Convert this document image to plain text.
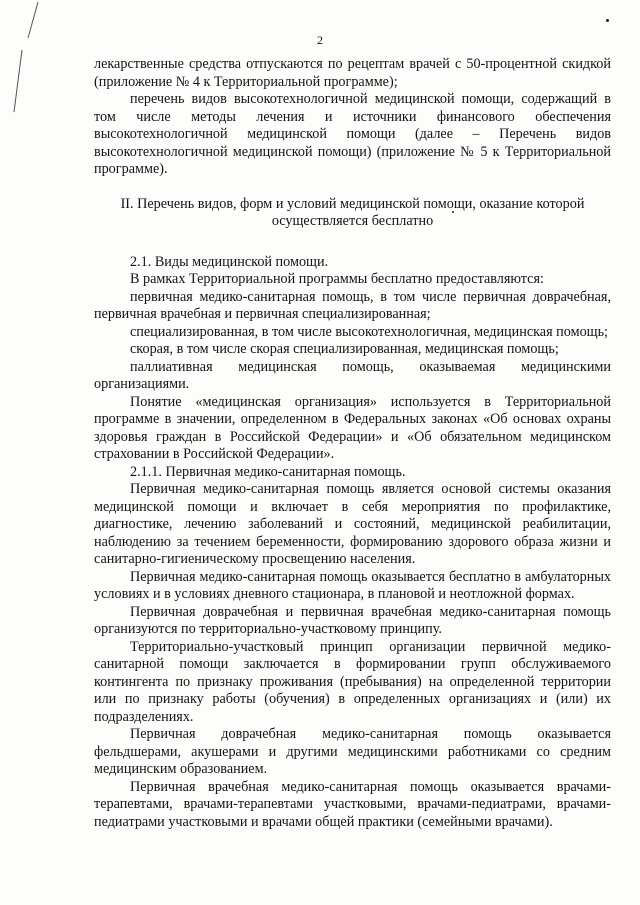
2

лекарственные средства отпускаются по рецептам врачей с 50-процентной скидкой (приложение № 4 к Территориальной программе);

перечень видов высокотехнологичной медицинской помощи, содержащий в том числе методы лечения и источники финансового обеспечения высокотехнологичной медицинской помощи (далее – Перечень видов высокотехнологичной медицинской помощи) (приложение № 5 к Территориальной программе).

II. Перечень видов, форм и условий медицинской помощи, оказание которой осуществляется бесплатно

2.1. Виды медицинской помощи.

В рамках Территориальной программы бесплатно предоставляются:

первичная медико-санитарная помощь, в том числе первичная доврачебная, первичная врачебная и первичная специализированная;

специализированная, в том числе высокотехнологичная, медицинская помощь;

скорая, в том числе скорая специализированная, медицинская помощь;

паллиативная медицинская помощь, оказываемая медицинскими организациями.

Понятие «медицинская организация» используется в Территориальной программе в значении, определенном в Федеральных законах «Об основах охраны здоровья граждан в Российской Федерации» и «Об обязательном медицинском страховании в Российской Федерации».

2.1.1. Первичная медико-санитарная помощь.

Первичная медико-санитарная помощь является основой системы оказания медицинской помощи и включает в себя мероприятия по профилактике, диагностике, лечению заболеваний и состояний, медицинской реабилитации, наблюдению за течением беременности, формированию здорового образа жизни и санитарно-гигиеническому просвещению населения.

Первичная медико-санитарная помощь оказывается бесплатно в амбулаторных условиях и в условиях дневного стационара, в плановой и неотложной формах.

Первичная доврачебная и первичная врачебная медико-санитарная помощь организуются по территориально-участковому принципу.

Территориально-участковый принцип организации первичной медико-санитарной помощи заключается в формировании групп обслуживаемого контингента по признаку проживания (пребывания) на определенной территории или по признаку работы (обучения) в определенных организациях и (или) их подразделениях.

Первичная доврачебная медико-санитарная помощь оказывается фельдшерами, акушерами и другими медицинскими работниками со средним медицинским образованием.

Первичная врачебная медико-санитарная помощь оказывается врачами-терапевтами, врачами-терапевтами участковыми, врачами-педиатрами, врачами-педиатрами участковыми и врачами общей практики (семейными врачами).
